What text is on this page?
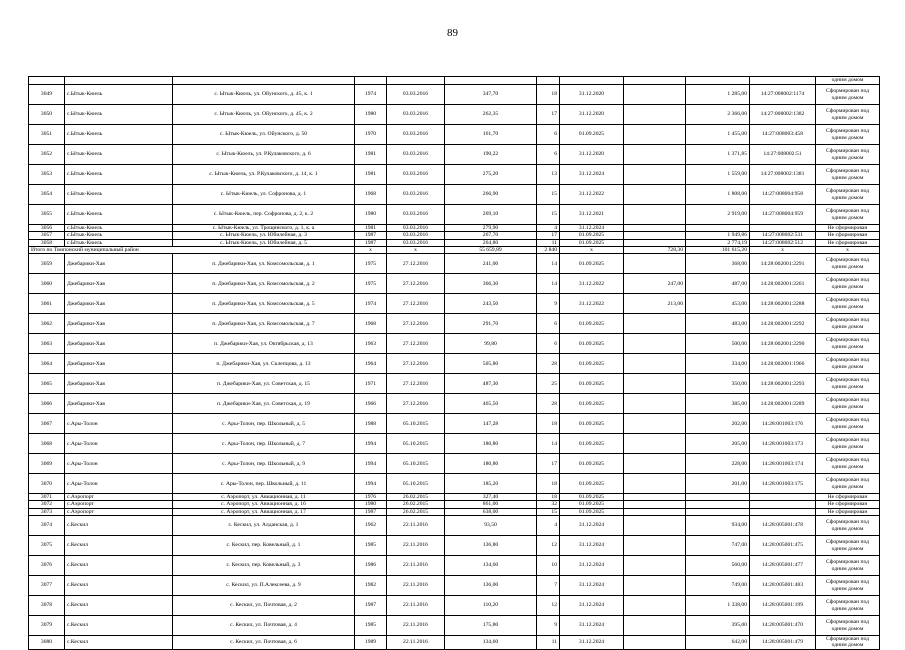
89
											одним домом
3049	с.Ытык-Кюель	с. Ытык-Кюель, ул. Ойунского, д. 45, к. 1	1974	03.03.2016	347,70	18	31.12.2020		1 285,00	14:27:008002:1174	Сформирован под одним домом
3050	с.Ытык-Кюель	с. Ытык-Кюель, ул. Ойунского, д. 45, к. 2	1980	03.03.2016	262,35	17	31.12.2020		2 366,00	14:27:008002:1382	Сформирован под одним домом
3051	с.Ытык-Кюель	с. Ытык-Кюель, ул. Ойунского, д. 50	1970	03.03.2016	161,70	6	01.09.2025		1 455,00	14:27:008003:458	Сформирован под одним домом
3052	с.Ытык-Кюель	с. Ытык-Кюель, ул. Р.Кулаковского, д. 6	1981	03.03.2016	190,22	6	31.12.2020		1 371,85	14:27:008002:51	Сформирован под одним домом
3053	с.Ытык-Кюель	с. Ытык-Кюель, ул. Р.Кулаковского, д. 14, к. 1	1981	03.03.2016	275,20	13	31.12.2024		1 559,00	14:27:008002:1381	Сформирован под одним домом
3054	с.Ытык-Кюель	с. Ытык-Кюель, ул. Софронова, д. 1	1968	03.03.2016	266,90	15	31.12.2022		1 808,00	14:27:008004:958	Сформирован под одним домом
3055	с.Ытык-Кюель	с. Ытык-Кюель, пер. Софронова, д. 2, к. 2	1980	03.03.2016	269,10	15	31.12.2021		2 919,00	14:27:008004:959	Сформирован под одним домом
3056	с.Ытык-Кюель	с. Ытык-Кюель, ул. Трощинского, д. 1, к. а	1981	03.03.2016	279,90	4	31.12.2024				Не сформирован
3057	с.Ытык-Кюель	с. Ытык-Кюель, ул. Юбилейная, д. 3	1987	03.03.2016	267,70	17	01.09.2025		1 949,86	14:27:008002:531	Не сформирован
3058	с.Ытык-Кюель	с. Ытык-Кюель, ул. Юбилейная, д. 5	1987	03.03.2016	264,80	11	01.09.2025		2 774,19	14:27:008002:512	Не сформирован
Итого по Томпонский муниципальный район			x	x	55 659,89	2 840	x	728,30	101 615,20	x	x
3059	Джебарики-Хая	п. Джебарики-Хая, ул. Комсомольская, д. 1	1975	27.12.2016	241,00	14	01.09.2025		368,00	14:28:002001:2291	Сформирован под одним домом
3060	Джебарики-Хая	п. Джебарики-Хая, ул. Комсомольская, д. 2	1975	27.12.2016	366,30	14	31.12.2022	247,00	487,00	14:28:002001:2261	Сформирован под одним домом
3061	Джебарики-Хая	п. Джебарики-Хая, ул. Комсомольская, д. 5	1974	27.12.2016	243,50	9	31.12.2022	213,00	453,00	14:28:002001:2288	Сформирован под одним домом
3062	Джебарики-Хая	п. Джебарики-Хая, ул. Комсомольская, д. 7	1968	27.12.2016	291,70	6	01.09.2025		483,00	14:28:002001:2292	Сформирован под одним домом
3063	Джебарики-Хая	п. Джебарики-Хая, ул. Октябрьская, д. 13	1963	27.12.2016	99,80	6	01.09.2025		500,00	14:28:002001:2290	Сформирован под одним домом
3064	Джебарики-Хая	п. Джебарики-Хая, ул. Склепцова, д. 13	1964	27.12.2016	505,80	28	01.09.2025		334,00	14:28:002001:1966	Сформирован под одним домом
3065	Джебарики-Хая	п. Джебарики-Хая, ул. Советская, д. 15	1971	27.12.2016	487,30	25	01.09.2025		350,00	14:28:002001:2293	Сформирован под одним домом
3066	Джебарики-Хая	п. Джебарики-Хая, ул. Советская, д. 19	1966	27.12.2016	465,50	28	01.09.2025		385,00	14:28:002001:2289	Сформирован под одним домом
3067	с.Ары-Толон	с. Ары-Толон, пер. Школьный, д. 5	1988	05.10.2015	147,28	18	01.09.2025		202,00	14:28:001003:176	Сформирован под одним домом
3068	с.Ары-Толон	с. Ары-Толон, пер. Школьный, д. 7	1994	05.10.2015	180,80	14	01.09.2025		205,00	14:28:001003:173	Сформирован под одним домом
3069	с.Ары-Толон	с. Ары-Толон, пер. Школьный, д. 9	1994	05.10.2015	180,80	17	01.09.2025		228,00	14:28:001003:174	Сформирован под одним домом
3070	с.Ары-Толон	с. Ары-Толон, пер. Школьный, д. 11	1994	05.10.2015	185,20	18	01.09.2025		201,00	14:28:001003:175	Сформирован под одним домом
3071	с.Аэропорт	с. Аэропорт, ул. Авиационная, д. 11	1976	26.02.2015	327,40	18	01.09.2025				Не сформирован
3072	с.Аэропорт	с. Аэропорт, ул. Авиационная, д. 16	1980	26.02.2015	861,00	32	01.09.2025				Не сформирован
3073	с.Аэропорт	с. Аэропорт, ул. Авиационная, д. 17	1987	26.02.2015	638,00	15	01.09.2025				Не сформирован
3074	с.Кескил	с. Кескил, ул. Алданская, д. 1	1962	22.11.2016	93,50	4	31.12.2024		934,00	14:28:005001:478	Сформирован под одним домом
3075	с.Кескил	с. Кескил, пер. Ковельный, д. 1	1985	22.11.2016	136,80	12	31.12.2024		747,00	14:28:005001:475	Сформирован под одним домом
3076	с.Кескил	с. Кескил, пер. Ковельный, д. 3	1986	22.11.2016	134,60	10	31.12.2024		560,00	14:28:005001:477	Сформирован под одним домом
3077	с.Кескил	с. Кескил, ул. П.Алексеева, д. 9	1982	22.11.2016	136,00	7	31.12.2024		749,00	14:28:005001:483	Сформирован под одним домом
3078	с.Кескил	с. Кескил, ул. Почтовая, д. 2	1987	22.11.2016	110,20	12	31.12.2024		1 338,00	14:28:005001:199	Сформирован под одним домом
3079	с.Кескил	с. Кескил, ул. Почтовая, д. 4	1985	22.11.2016	175,80	9	31.12.2024		395,00	14:28:005001:470	Сформирован под одним домом
3080	с.Кескил	с. Кескил, ул. Почтовая, д. 6	1989	22.11.2016	134,60	11	31.12.2024		642,00	14:28:005001:479	Сформирован под одним домом
